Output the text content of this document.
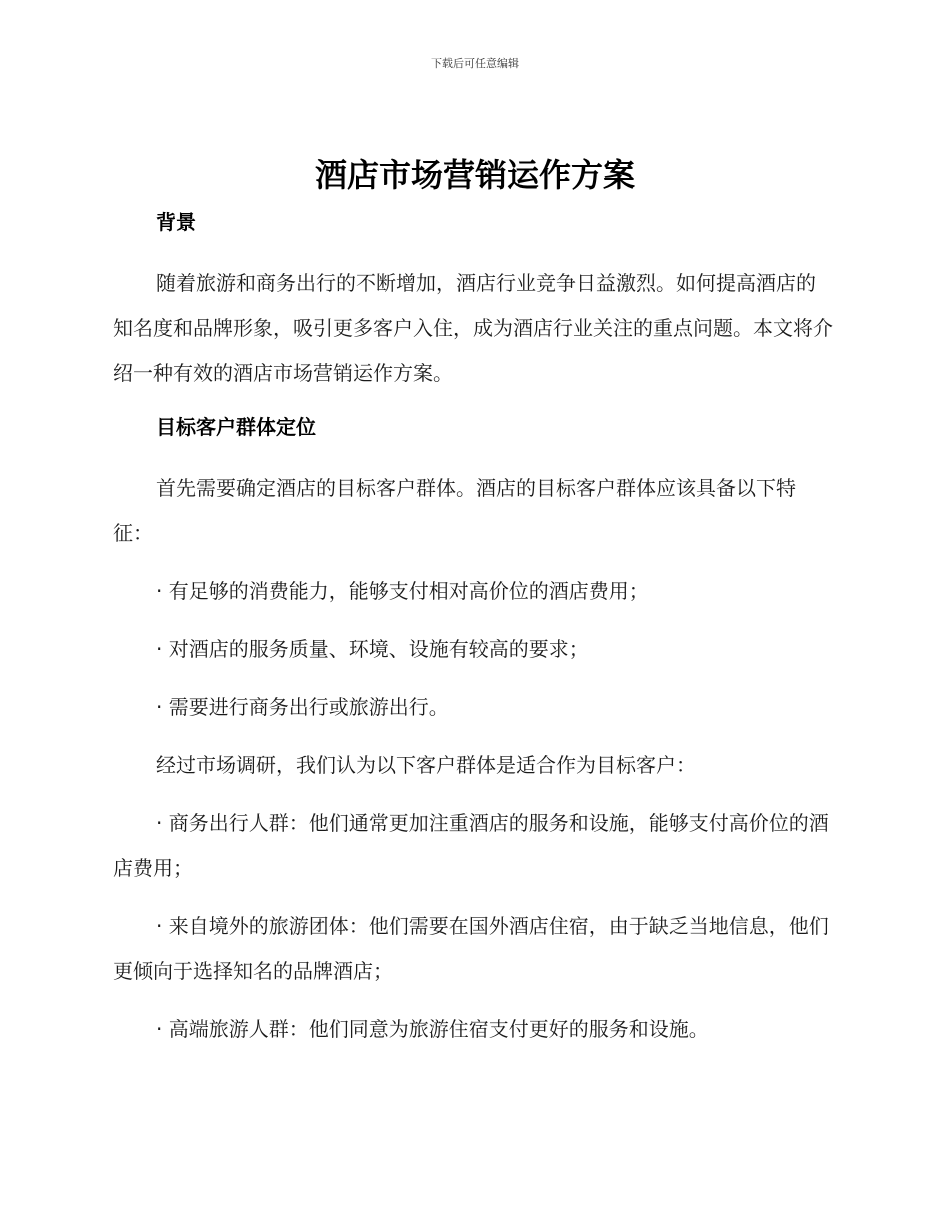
下载后可任意编辑
酒店市场营销运作方案
背景

随着旅游和商务出行的不断增加，酒店行业竞争日益激烈。如何提高酒店的知名度和品牌形象，吸引更多客户入住，成为酒店行业关注的重点问题。本文将介绍一种有效的酒店市场营销运作方案。

目标客户群体定位

首先需要确定酒店的目标客户群体。酒店的目标客户群体应该具备以下特征：

· 有足够的消费能力，能够支付相对高价位的酒店费用；

· 对酒店的服务质量、环境、设施有较高的要求；

· 需要进行商务出行或旅游出行。

经过市场调研，我们认为以下客户群体是适合作为目标客户：

· 商务出行人群：他们通常更加注重酒店的服务和设施，能够支付高价位的酒店费用；

· 来自境外的旅游团体：他们需要在国外酒店住宿，由于缺乏当地信息，他们更倾向于选择知名的品牌酒店；

· 高端旅游人群：他们同意为旅游住宿支付更好的服务和设施。
